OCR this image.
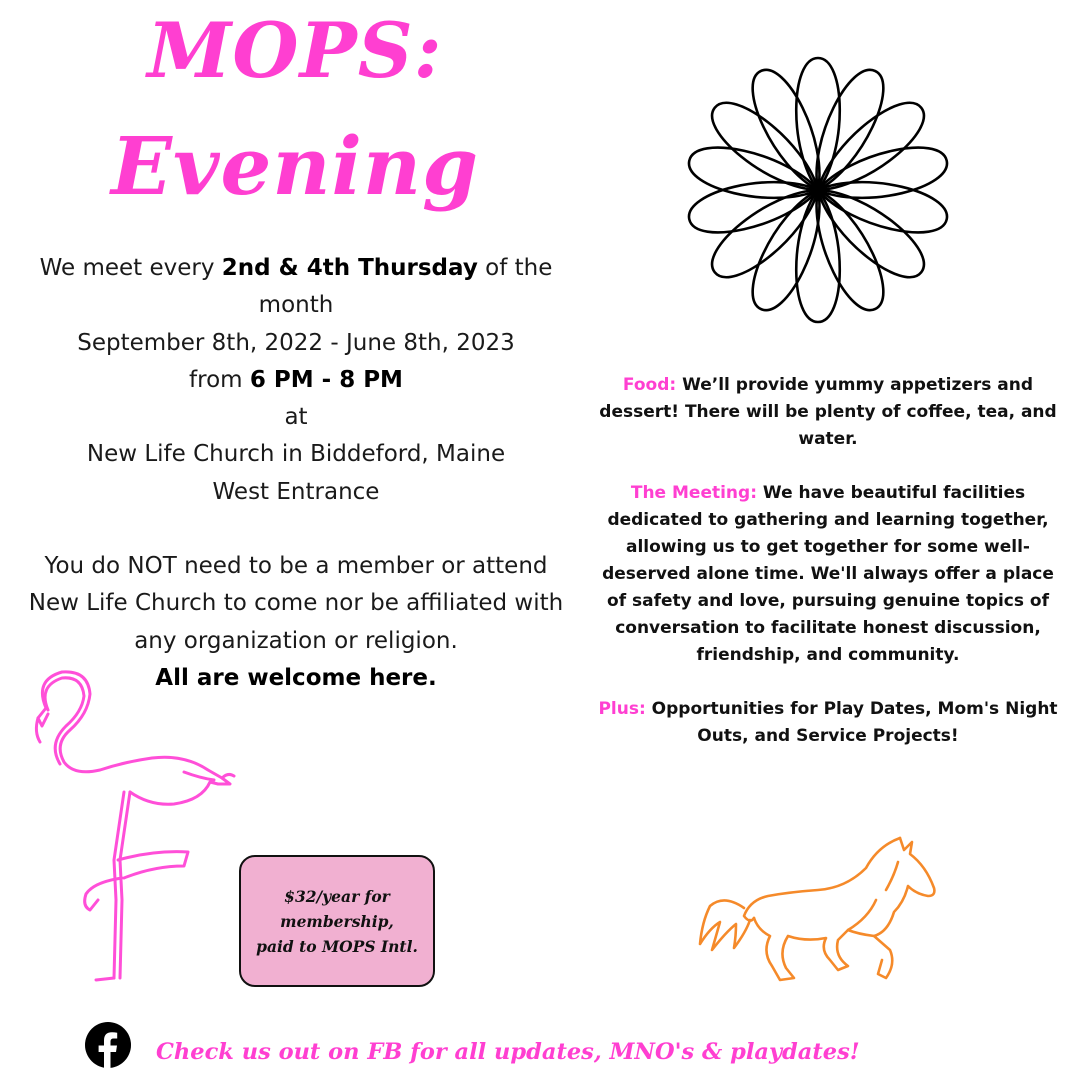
MOPS:
Evening

We meet every 2nd & 4th Thursday of the

month

September 8th, 2022 - June 8th, 2023

from 6 PM - 8 PM

at

New Life Church in Biddeford, Maine

West Entrance

You do NOT need to be a member or attend

New Life Church to come nor be affiliated with

any organization or religion.

All are welcome here.

Food: We’ll provide yummy appetizers and

dessert! There will be plenty of coffee, tea, and

water.

The Meeting: We have beautiful facilities

dedicated to gathering and learning together,

allowing us to get together for some well-

deserved alone time. We'll always offer a place

of safety and love, pursuing genuine topics of

conversation to facilitate honest discussion,

friendship, and community.

Plus: Opportunities for Play Dates, Mom's Night

Outs, and Service Projects!

$32/year for
membership,
paid to MOPS Intl.
Check us out on FB for all updates, MNO's & playdates!
